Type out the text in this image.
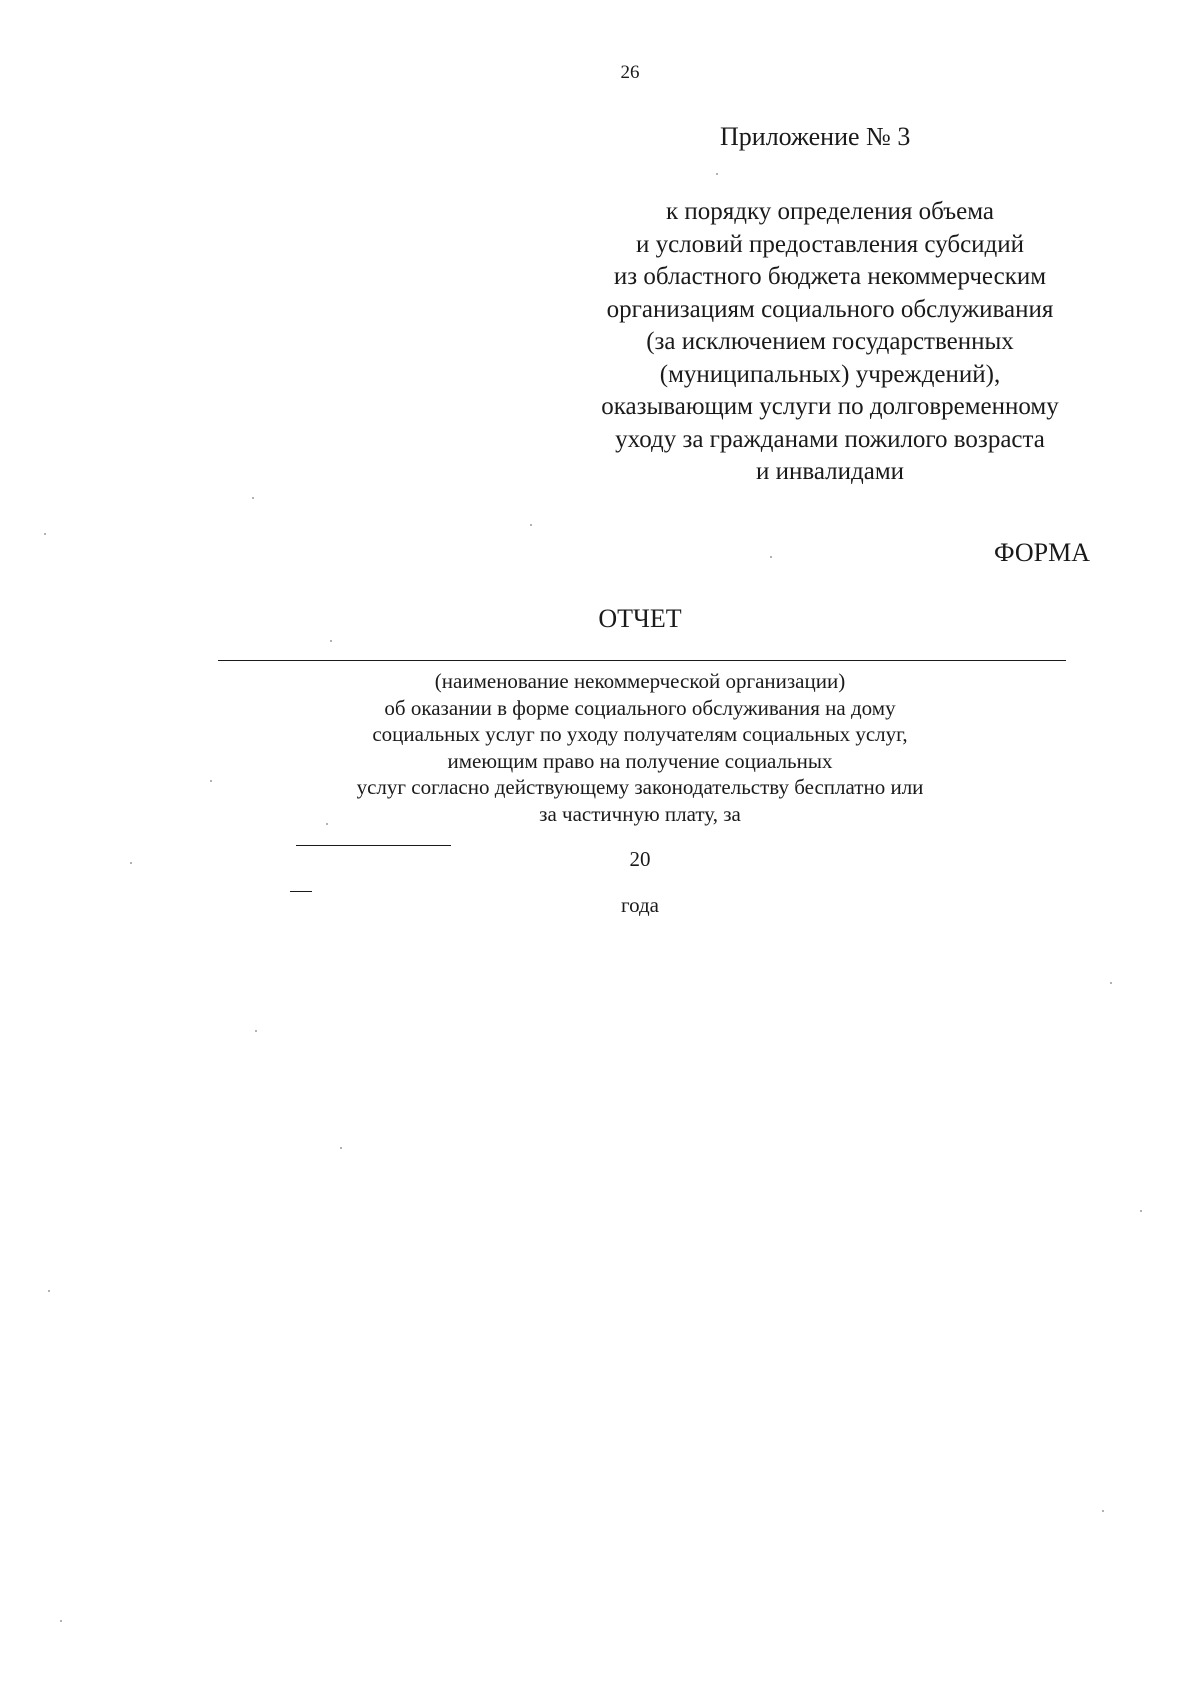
26
Приложение № 3
к порядку определения объема
и условий предоставления субсидий
из областного бюджета некоммерческим
организациям социального обслуживания
(за исключением государственных
(муниципальных) учреждений),
оказывающим услуги по долговременному
уходу за гражданами пожилого возраста
и инвалидами
ФОРМА
ОТЧЕТ
(наименование некоммерческой организации)
об оказании в форме социального обслуживания на дому
социальных услуг по уходу получателям социальных услуг,
имеющим право на получение социальных
услуг согласно действующему законодательству бесплатно или
за частичную плату, за
20
года
